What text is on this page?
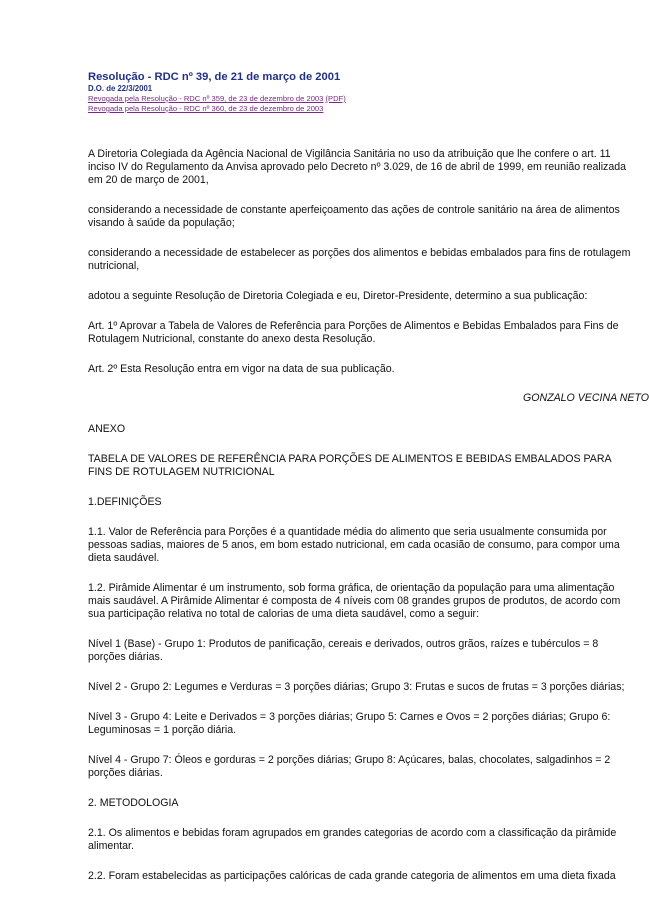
Resolução - RDC nº 39, de 21 de março de 2001

D.O. de 22/3/2001

Revogada pela Resolução - RDC nº 359, de 23 de dezembro de 2003 (PDF)

Revogada pela Resolução - RDC nº 360, de 23 de dezembro de 2003

A Diretoria Colegiada da Agência Nacional de Vigilância Sanitária no uso da atribuição que lhe confere o art. 11

inciso IV do Regulamento da Anvisa aprovado pelo Decreto nº 3.029, de 16 de abril de 1999, em reunião realizada

em 20 de março de 2001,

considerando a necessidade de constante aperfeiçoamento das ações de controle sanitário na área de alimentos

visando à saúde da população;

considerando a necessidade de estabelecer as porções dos alimentos e bebidas embalados para fins de rotulagem

nutricional,

adotou a seguinte Resolução de Diretoria Colegiada e eu, Diretor-Presidente, determino a sua publicação:

Art. 1º Aprovar a Tabela de Valores de Referência para Porções de Alimentos e Bebidas Embalados para Fins de

Rotulagem Nutricional, constante do anexo desta Resolução.

Art. 2º Esta Resolução entra em vigor na data de sua publicação.

GONZALO VECINA NETO

ANEXO

TABELA DE VALORES DE REFERÊNCIA PARA PORÇÕES DE ALIMENTOS E BEBIDAS EMBALADOS PARA

FINS DE ROTULAGEM NUTRICIONAL

1.DEFINIÇÕES

1.1. Valor de Referência para Porções é a quantidade média do alimento que seria usualmente consumida por

pessoas sadias, maiores de 5 anos, em bom estado nutricional, em cada ocasião de consumo, para compor uma

dieta saudável.

1.2. Pirâmide Alimentar é um instrumento, sob forma gráfica, de orientação da população para uma alimentação

mais saudável. A Pirâmide Alimentar é composta de 4 níveis com 08 grandes grupos de produtos, de acordo com

sua participação relativa no total de calorias de uma dieta saudável, como a seguir:

Nível 1 (Base) - Grupo 1: Produtos de panificação, cereais e derivados, outros grãos, raízes e tubérculos = 8

porções diárias.

Nível 2 - Grupo 2: Legumes e Verduras = 3 porções diárias; Grupo 3: Frutas e sucos de frutas = 3 porções diárias;

Nível 3 - Grupo 4: Leite e Derivados = 3 porções diárias; Grupo 5: Carnes e Ovos = 2 porções diárias; Grupo 6:

Leguminosas = 1 porção diária.

Nível 4 - Grupo 7: Óleos e gorduras = 2 porções diárias; Grupo 8: Açúcares, balas, chocolates, salgadinhos = 2

porções diárias.

2. METODOLOGIA

2.1. Os alimentos e bebidas foram agrupados em grandes categorias de acordo com a classificação da pirâmide

alimentar.

2.2. Foram estabelecidas as participações calóricas de cada grande categoria de alimentos em uma dieta fixada
